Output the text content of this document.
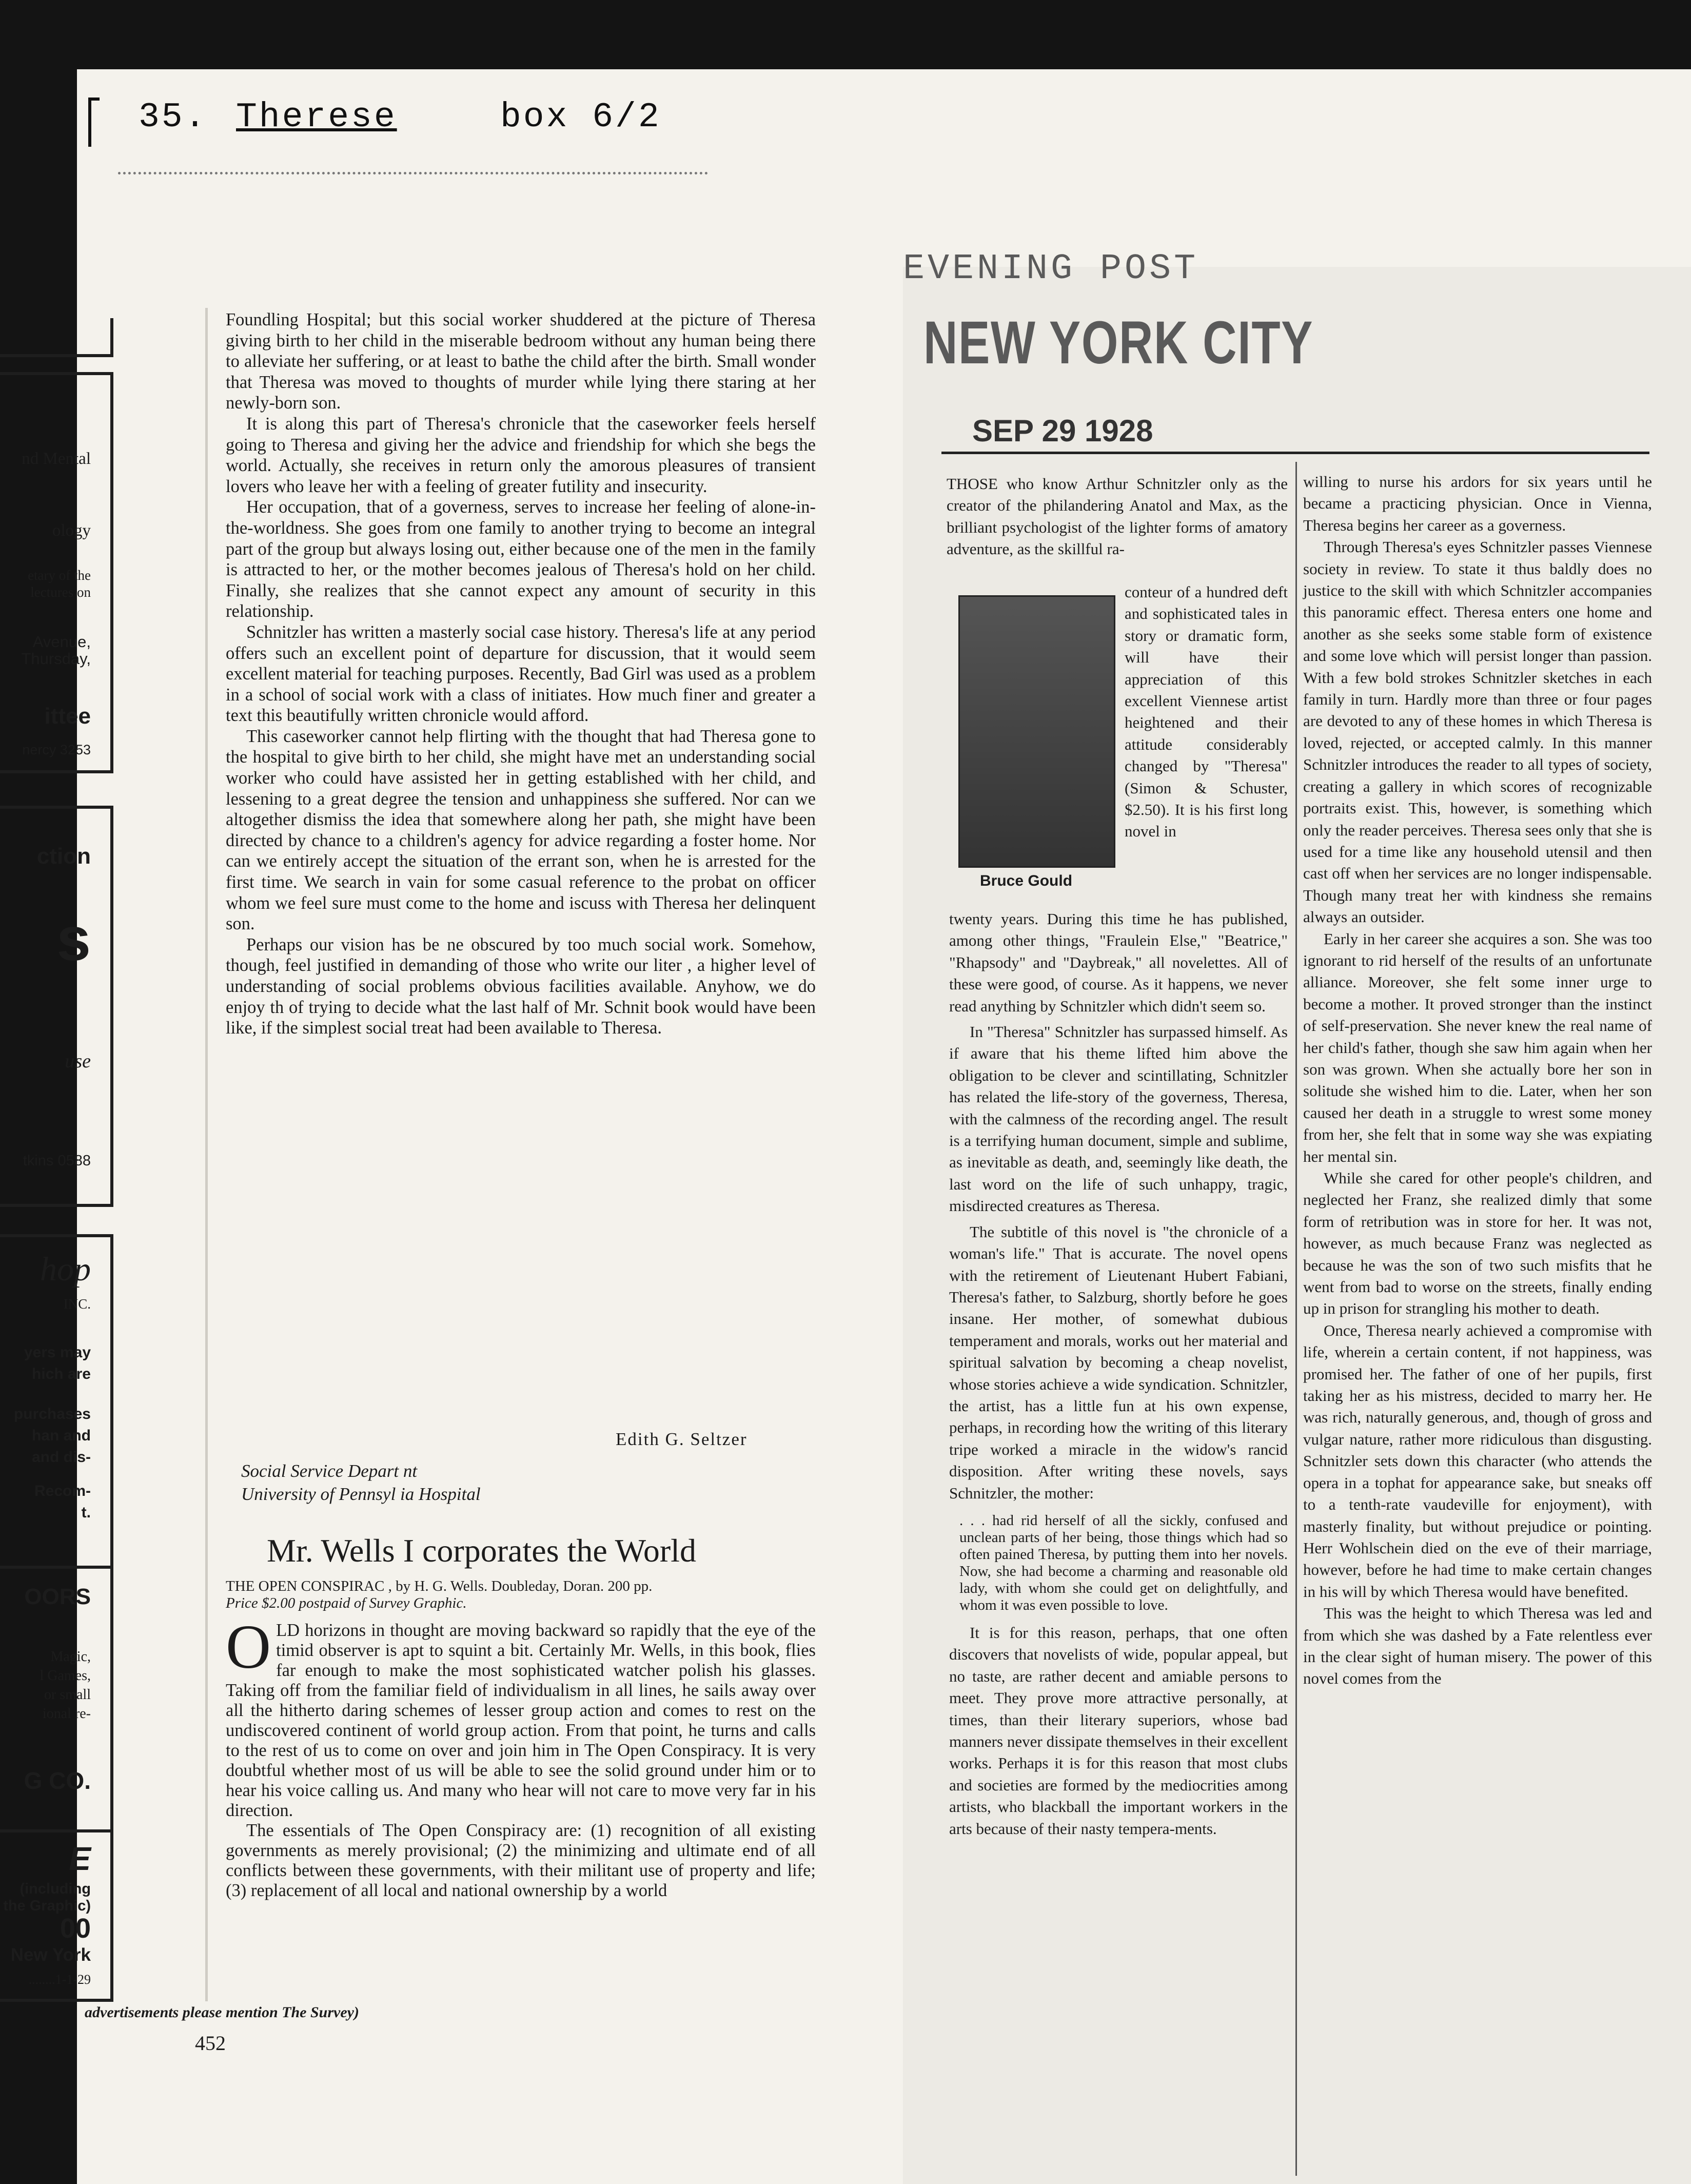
35. Therese	box 6/2
nd Mental
ology
etary of the
lectures on
Avenue,
Thursday,
ittee
nercy 3253
ction
s
use
tkins 0588
hop
INC.
yers may
hich are
purchases
han and
and dis-
Recom-
t.
OORS
Magic,
l Games,
or small
ional re-
G CO.
E
(including
the Graphic)
00
New York
........1-1-29

Foundling Hospital; but this social worker shuddered at the picture of Theresa giving birth to her child in the miserable bedroom without any human being there to alleviate her suffering, or at least to bathe the child after the birth. Small wonder that Theresa was moved to thoughts of murder while lying there staring at her newly-born son.

It is along this part of Theresa's chronicle that the caseworker feels herself going to Theresa and giving her the advice and friendship for which she begs the world. Actually, she receives in return only the amorous pleasures of transient lovers who leave her with a feeling of greater futility and insecurity.

Her occupation, that of a governess, serves to increase her feeling of alone-in-the-worldness. She goes from one family to another trying to become an integral part of the group but always losing out, either because one of the men in the family is attracted to her, or the mother becomes jealous of Theresa's hold on her child. Finally, she realizes that she cannot expect any amount of security in this relationship.

Schnitzler has written a masterly social case history. Theresa's life at any period offers such an excellent point of departure for discussion, that it would seem excellent material for teaching purposes. Recently, Bad Girl was used as a problem in a school of social work with a class of initiates. How much finer and greater a text this beautifully written chronicle would afford.

This caseworker cannot help flirting with the thought that had Theresa gone to the hospital to give birth to her child, she might have met an understanding social worker who could have assisted her in getting established with her child, and lessening to a great degree the tension and unhappiness she suffered. Nor can we altogether dismiss the idea that somewhere along her path, she might have been directed by chance to a children's agency for advice regarding a foster home. Nor can we entirely accept the situation of the errant son, when he is arrested for the first time. We search in vain for some casual reference to the probat on officer whom we feel sure must come to the home and iscuss with Theresa her delinquent son.

Perhaps our vision has be ne obscured by too much social work. Somehow, though, feel justified in demanding of those who write our liter , a higher level of understanding of social problems obvious facilities available. Anyhow, we do enjoy th of trying to decide what the last half of Mr. Schnit book would have been like, if the simplest social treat had been available to Theresa.

Edith G. Seltzer
Social Service Depart nt
University of Pennsyl ia Hospital
Mr. Wells I corporates the World
THE OPEN CONSPIRAC , by H. G. Wells. Doubleday, Doran. 200 pp.
Price $2.00 postpaid of Survey Graphic.
O LD horizons in thought are moving backward so rapidly that the eye of the timid observer is apt to squint a bit. Certainly Mr. Wells, in this book, flies far enough to make the most sophisticated watcher polish his glasses. Taking off from the familiar field of individualism in all lines, he sails away over all the hitherto daring schemes of lesser group action and comes to rest on the undiscovered continent of world group action. From that point, he turns and calls to the rest of us to come on over and join him in The Open Conspiracy. It is very doubtful whether most of us will be able to see the solid ground under him or to hear his voice calling us. And many who hear will not care to move very far in his direction.

The essentials of The Open Conspiracy are: (1) recognition of all existing governments as merely provisional; (2) the minimizing and ultimate end of all conflicts between these governments, with their militant use of property and life; (3) replacement of all local and national ownership by a world

advertisements please mention The Survey)
452
EVENING POST
NEW YORK CITY
SEP 29 1928

THOSE who know Arthur Schnitzler only as the creator of the philandering Anatol and Max, as the brilliant psychologist of the lighter forms of amatory adventure, as the skillful ra-

Bruce Gould

conteur of a hundred deft and sophisticated tales in story or dramatic form, will have their appreciation of this excellent Viennese artist heightened and their attitude considerably changed by "Theresa" (Simon & Schuster, $2.50). It is his first long novel in

twenty years. During this time he has published, among other things, "Fraulein Else," "Beatrice," "Rhapsody" and "Daybreak," all novelettes. All of these were good, of course. As it happens, we never read anything by Schnitzler which didn't seem so.

In "Theresa" Schnitzler has surpassed himself. As if aware that his theme lifted him above the obligation to be clever and scintillating, Schnitzler has related the life-story of the governess, Theresa, with the calmness of the recording angel. The result is a terrifying human document, simple and sublime, as inevitable as death, and, seemingly like death, the last word on the life of such unhappy, tragic, misdirected creatures as Theresa.

The subtitle of this novel is "the chronicle of a woman's life." That is accurate. The novel opens with the retirement of Lieutenant Hubert Fabiani, Theresa's father, to Salzburg, shortly before he goes insane. Her mother, of somewhat dubious temperament and morals, works out her material and spiritual salvation by becoming a cheap novelist, whose stories achieve a wide syndication. Schnitzler, the artist, has a little fun at his own expense, perhaps, in recording how the writing of this literary tripe worked a miracle in the widow's rancid disposition. After writing these novels, says Schnitzler, the mother:

. . . had rid herself of all the sickly, confused and unclean parts of her being, those things which had so often pained Theresa, by putting them into her novels. Now, she had become a charming and reasonable old lady, with whom she could get on delightfully, and whom it was even possible to love.

It is for this reason, perhaps, that one often discovers that novelists of wide, popular appeal, but no taste, are rather decent and amiable persons to meet. They prove more attractive personally, at times, than their literary superiors, whose bad manners never dissipate themselves in their excellent works. Perhaps it is for this reason that most clubs and societies are formed by the mediocrities among artists, who blackball the important workers in the arts because of their nasty tempera-ments.

willing to nurse his ardors for six years until he became a practicing physician. Once in Vienna, Theresa begins her career as a governess.

Through Theresa's eyes Schnitzler passes Viennese society in review. To state it thus baldly does no justice to the skill with which Schnitzler accompanies this panoramic effect. Theresa enters one home and another as she seeks some stable form of existence and some love which will persist longer than passion. With a few bold strokes Schnitzler sketches in each family in turn. Hardly more than three or four pages are devoted to any of these homes in which Theresa is loved, rejected, or accepted calmly. In this manner Schnitzler introduces the reader to all types of society, creating a gallery in which scores of recognizable portraits exist. This, however, is something which only the reader perceives. Theresa sees only that she is used for a time like any household utensil and then cast off when her services are no longer indispensable. Though many treat her with kindness she remains always an outsider.

Early in her career she acquires a son. She was too ignorant to rid herself of the results of an unfortunate alliance. Moreover, she felt some inner urge to become a mother. It proved stronger than the instinct of self-preservation. She never knew the real name of her child's father, though she saw him again when her son was grown. When she actually bore her son in solitude she wished him to die. Later, when her son caused her death in a struggle to wrest some money from her, she felt that in some way she was expiating her mental sin.

While she cared for other people's children, and neglected her Franz, she realized dimly that some form of retribution was in store for her. It was not, however, as much because Franz was neglected as because he was the son of two such misfits that he went from bad to worse on the streets, finally ending up in prison for strangling his mother to death.

Once, Theresa nearly achieved a compromise with life, wherein a certain content, if not happiness, was promised her. The father of one of her pupils, first taking her as his mistress, decided to marry her. He was rich, naturally generous, and, though of gross and vulgar nature, rather more ridiculous than disgusting. Schnitzler sets down this character (who attends the opera in a tophat for appearance sake, but sneaks off to a tenth-rate vaudeville for enjoyment), with masterly finality, but without prejudice or pointing. Herr Wohlschein died on the eve of their marriage, however, before he had time to make certain changes in his will by which Theresa would have benefited.

This was the height to which Theresa was led and from which she was dashed by a Fate relentless ever in the clear sight of human misery. The power of this novel comes from the
